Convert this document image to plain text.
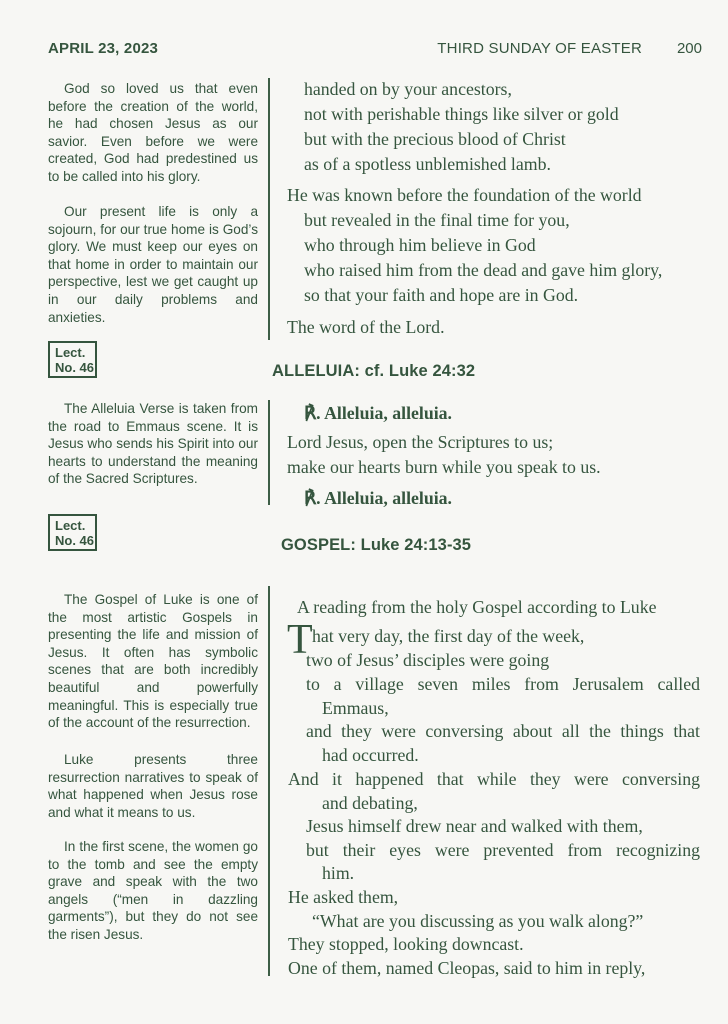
APRIL 23, 2023	THIRD SUNDAY OF EASTER 200

God so loved us that even before the creation of the world, he had chosen Jesus as our savior. Even before we were created, God had predestined us to be called into his glory.

Our present life is only a sojourn, for our true home is God’s glory. We must keep our eyes on that home in order to maintain our perspective, lest we get caught up in our daily problems and anxieties.

Lect.
No. 46

The Alleluia Verse is taken from the road to Emmaus scene. It is Jesus who sends his Spirit into our hearts to understand the meaning of the Sacred Scriptures.

Lect.
No. 46

The Gospel of Luke is one of the most artistic Gospels in presenting the life and mission of Jesus. It often has symbolic scenes that are both incredibly beautiful and powerfully meaningful. This is especially true of the account of the resurrection.

Luke presents three resurrection narratives to speak of what happened when Jesus rose and what it means to us.

In the first scene, the women go to the tomb and see the empty grave and speak with the two angels (“men in dazzling garments”), but they do not see the risen Jesus.

handed on by your ancestors,
not with perishable things like silver or gold
but with the precious blood of Christ
as of a spotless unblemished lamb.
He was known before the foundation of the world
but revealed in the final time for you,
who through him believe in God
who raised him from the dead and gave him glory,
so that your faith and hope are in God.
The word of the Lord.
ALLELUIA: cf. Luke 24:32
℟. Alleluia, alleluia.
Lord Jesus, open the Scriptures to us;
make our hearts burn while you speak to us.
℟. Alleluia, alleluia.
GOSPEL: Luke 24:13-35
A reading from the holy Gospel according to Luke
T hat very day, the first day of the week,
two of Jesus’ disciples were going
to a village seven miles from Jerusalem called
Emmaus,
and they were conversing about all the things that
had occurred.
And it happened that while they were conversing
and debating,
Jesus himself drew near and walked with them,
but their eyes were prevented from recognizing
him.
He asked them,
“What are you discussing as you walk along?”
They stopped, looking downcast.
One of them, named Cleopas, said to him in reply,
